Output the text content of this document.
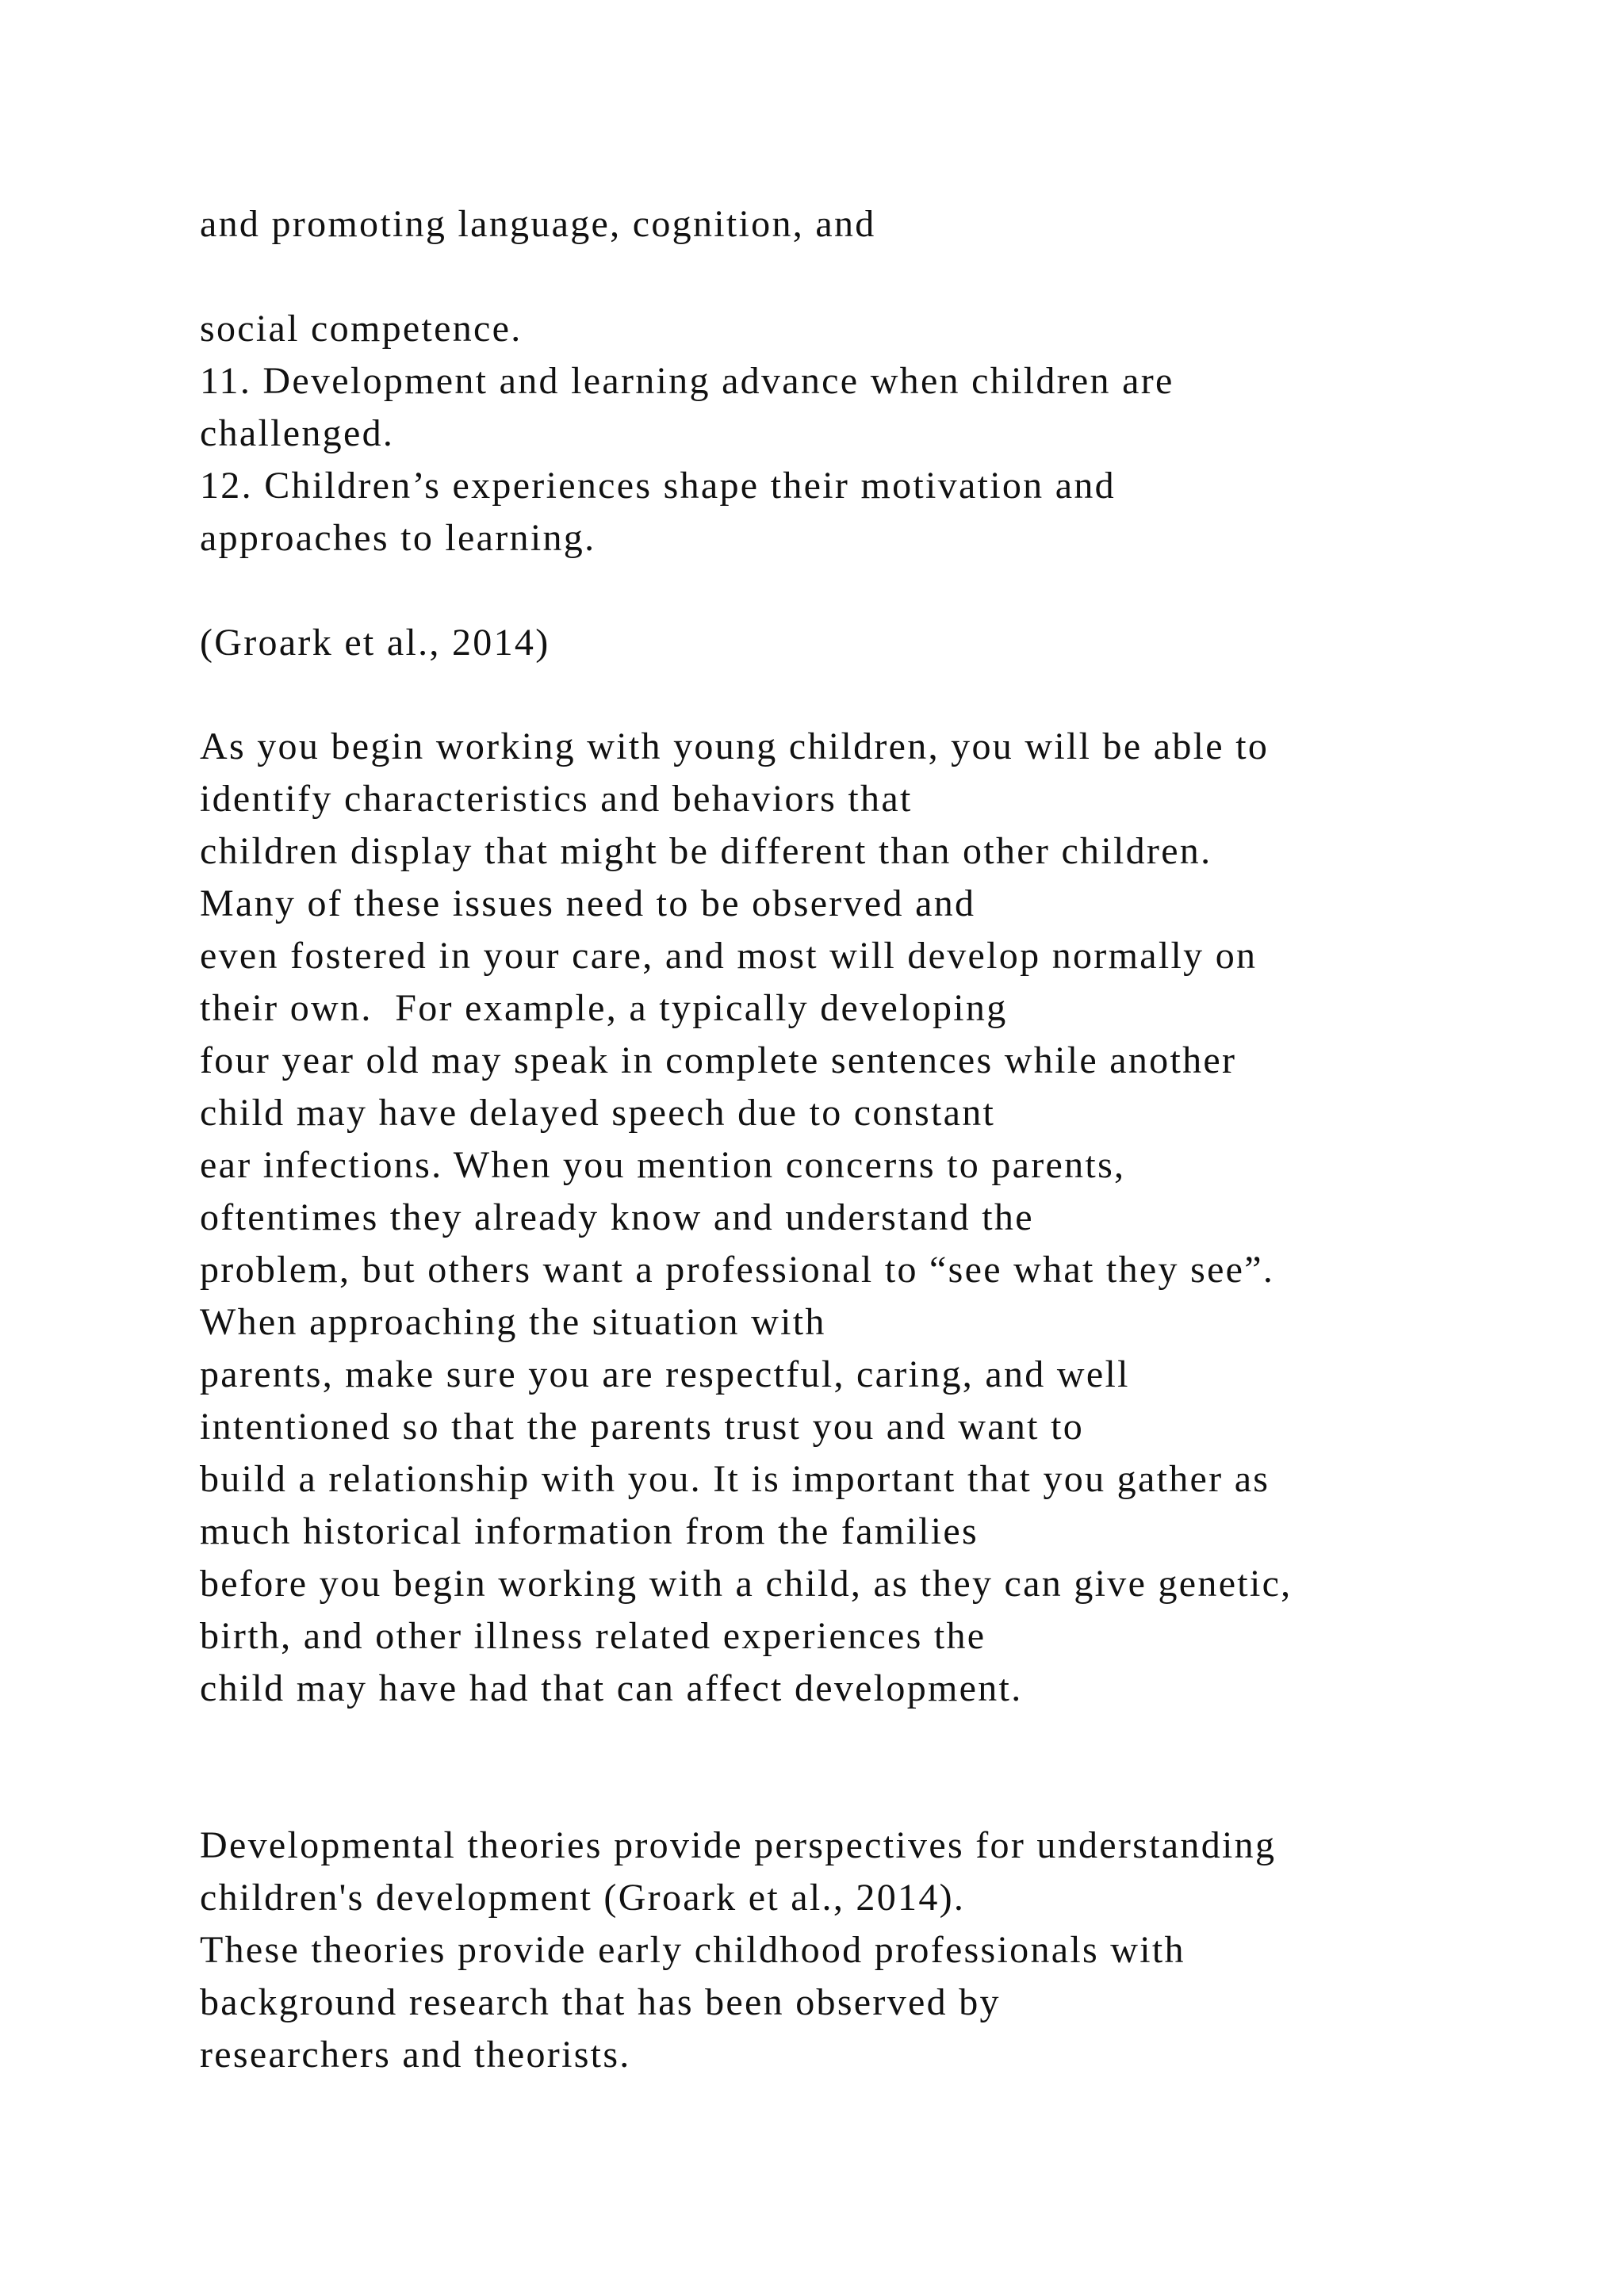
and promoting language, cognition, and

social competence.

11. Development and learning advance when children are

challenged.

12. Children’s experiences shape their motivation and

approaches to learning.

(Groark et al., 2014)

As you begin working with young children, you will be able to

identify characteristics and behaviors that

children display that might be different than other children.

Many of these issues need to be observed and

even fostered in your care, and most will develop normally on

their own.  For example, a typically developing

four year old may speak in complete sentences while another

child may have delayed speech due to constant

ear infections. When you mention concerns to parents,

oftentimes they already know and understand the

problem, but others want a professional to “see what they see”.

When approaching the situation with

parents, make sure you are respectful, caring, and well

intentioned so that the parents trust you and want to

build a relationship with you. It is important that you gather as

much historical information from the families

before you begin working with a child, as they can give genetic,

birth, and other illness related experiences the

child may have had that can affect development.

Developmental theories provide perspectives for understanding

children's development (Groark et al., 2014).

These theories provide early childhood professionals with

background research that has been observed by

researchers and theorists.
